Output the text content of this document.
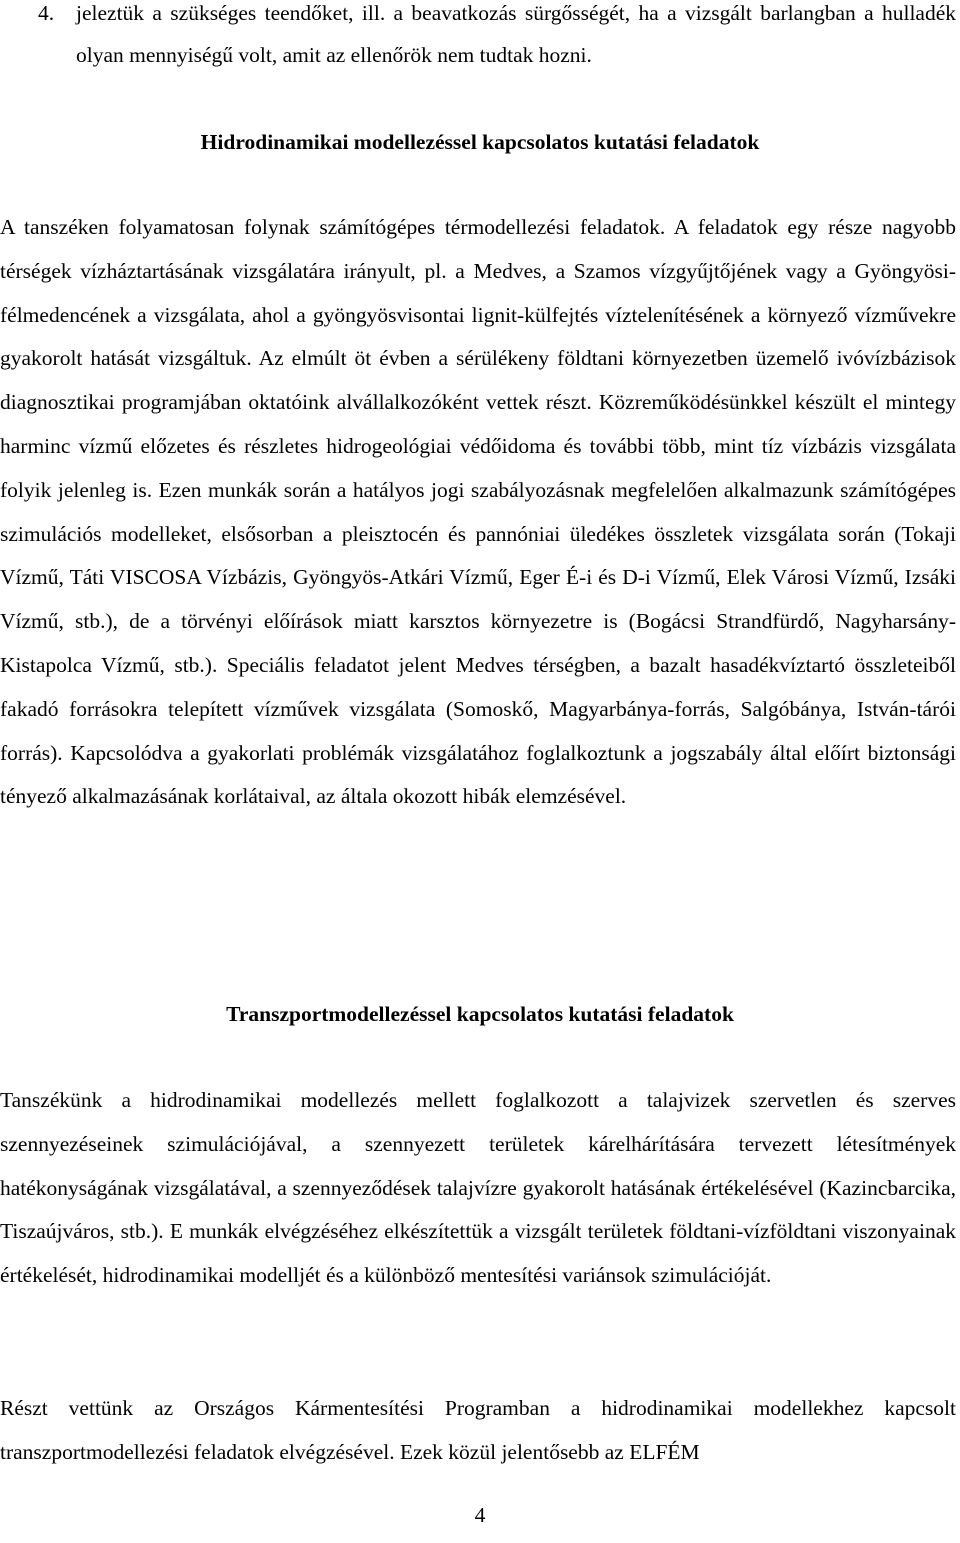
4.	jeleztük a szükséges teendőket, ill. a beavatkozás sürgősségét, ha a vizsgált barlangban a hulladék olyan mennyiségű volt, amit az ellenőrök nem tudtak hozni.
Hidrodinamikai modellezéssel kapcsolatos kutatási feladatok

A tanszéken folyamatosan folynak számítógépes térmodellezési feladatok. A feladatok egy része nagyobb térségek vízháztartásának vizsgálatára irányult, pl. a Medves, a Szamos vízgyűjtőjének vagy a Gyöngyösi-félmedencének a vizsgálata, ahol a gyöngyösvisontai lignit-külfejtés víztelenítésének a környező vízművekre gyakorolt hatását vizsgáltuk. Az elmúlt öt évben a sérülékeny földtani környezetben üzemelő ivóvízbázisok diagnosztikai programjában oktatóink alvállalkozóként vettek részt. Közreműködésünkkel készült el mintegy harminc vízmű előzetes és részletes hidrogeológiai védőidoma és további több, mint tíz vízbázis vizsgálata folyik jelenleg is. Ezen munkák során a hatályos jogi szabályozásnak megfelelően alkalmazunk számítógépes szimulációs modelleket, elsősorban a pleisztocén és pannóniai üledékes összletek vizsgálata során (Tokaji Vízmű, Táti VISCOSA Vízbázis, Gyöngyös-Atkári Vízmű, Eger É-i és D-i Vízmű, Elek Városi Vízmű, Izsáki Vízmű, stb.), de a törvényi előírások miatt karsztos környezetre is (Bogácsi Strandfürdő, Nagyharsány-Kistapolca Vízmű, stb.). Speciális feladatot jelent Medves térségben, a bazalt hasadékvíztartó összleteiből fakadó forrásokra telepített vízművek vizsgálata (Somoskő, Magyarbánya-forrás, Salgóbánya, István-tárói forrás). Kapcsolódva a gyakorlati problémák vizsgálatához foglalkoztunk a jogszabály által előírt biztonsági tényező alkalmazásának korlátaival, az általa okozott hibák elemzésével.

Transzportmodellezéssel kapcsolatos kutatási feladatok

Tanszékünk a hidrodinamikai modellezés mellett foglalkozott a talajvizek szervetlen és szerves szennyezéseinek szimulációjával, a szennyezett területek kárelhárítására tervezett létesítmények hatékonyságának vizsgálatával, a szennyeződések talajvízre gyakorolt hatásának értékelésével (Kazincbarcika, Tiszaújváros, stb.). E munkák elvégzéséhez elkészítettük a vizsgált területek földtani-vízföldtani viszonyainak értékelését, hidrodinamikai modelljét és a különböző mentesítési variánsok szimulációját.

Részt vettünk az Országos Kármentesítési Programban a hidrodinamikai modellekhez kapcsolt transzportmodellezési feladatok elvégzésével. Ezek közül jelentősebb az ELFÉM

4
